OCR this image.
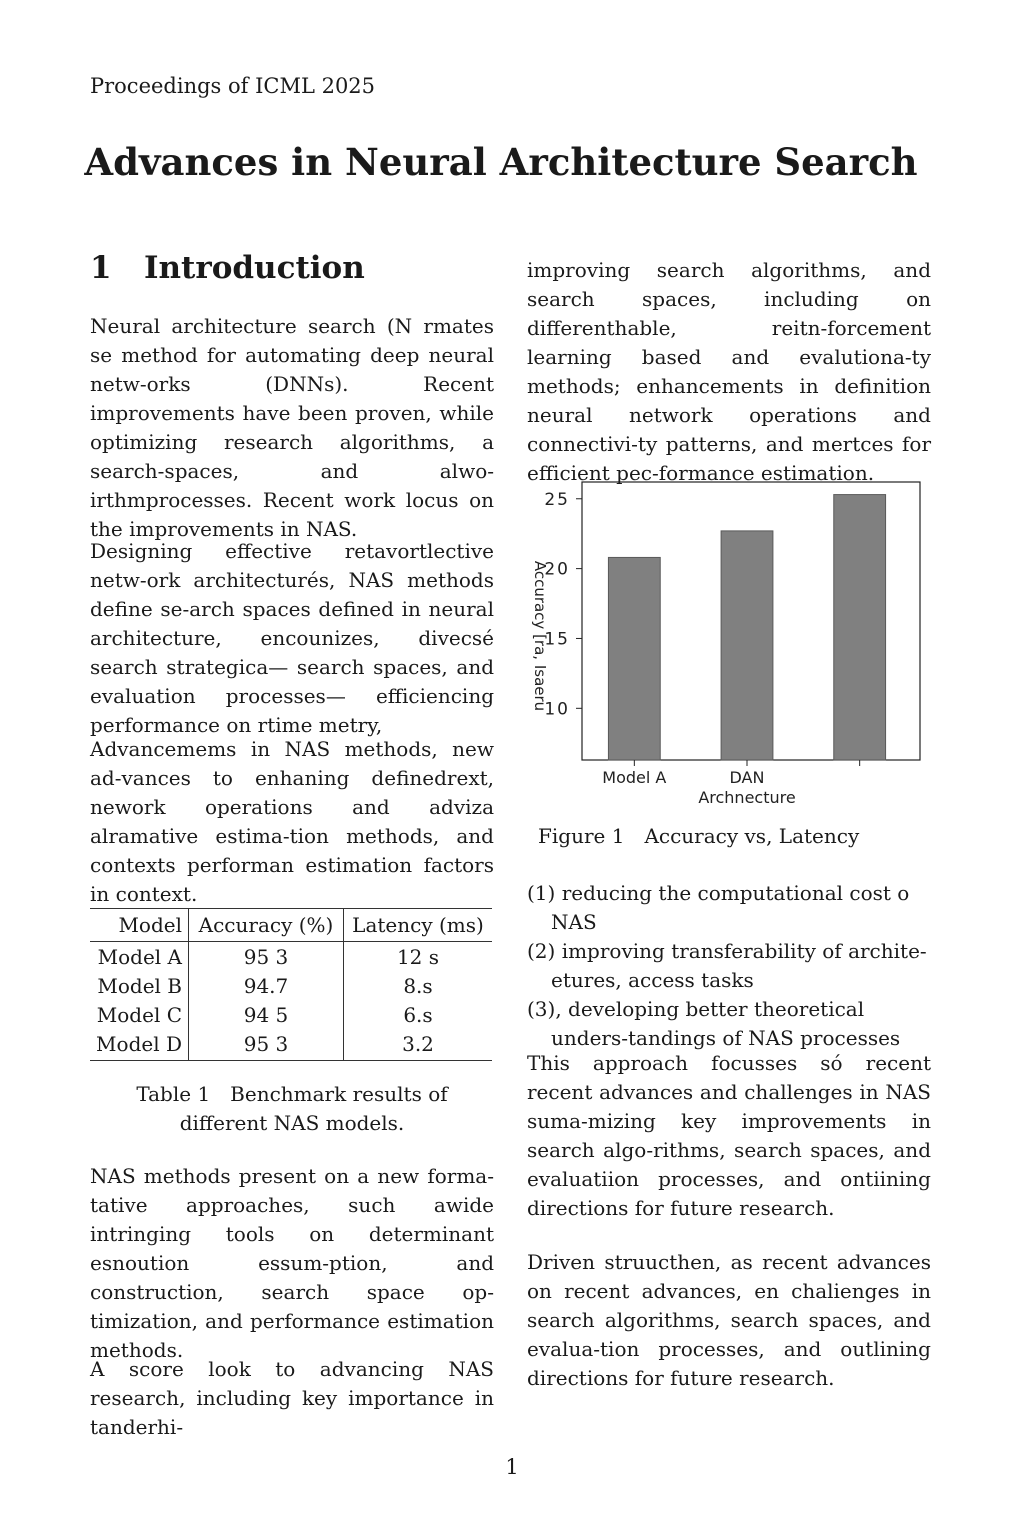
Proceedings of ICML 2025
Advances in Neural Architecture Search
1 Introduction

Neural architecture search (N rmates se method for automating deep neural netw-orks (DNNs). Recent improvements have been proven, while optimizing research algorithms, a search-spaces, and alwo-irthmprocesses. Recent work locus on the improvements in NAS.

Designing effective retavortlective netw-ork architecturés, NAS methods define se-arch spaces defined in neural architecture, encounizes, divecsé search strategica— search spaces, and evaluation processes— efficiencing performance on rtime metry,

Advancemems in NAS methods, new ad-vances to enhaning definedrext, nework operations and adviza alramative estima-tion methods, and contexts performan estimation factors in context.

Model	Accuracy (%)	Latency (ms)
Model A	95 3	12 s
Model B	94.7	8.s
Model C	94 5	6.s
Model D	95 3	3.2

Table 1 Benchmark results of different NAS models.

NAS methods present on a new forma-tative approaches, such awide intringing tools on determinant esnoution essum-ption, and construction, search space op-timization, and performance estimation methods.

A score look to advancing NAS research, including key importance in tanderhi-

improving search algorithms, and search spaces, including on differenthable, reitn-forcement learning based and evalutiona-ty methods; enhancements in definition neural network operations and connectivi-ty patterns, and mertces for efficient pec-formance estimation.

10
15
20
25
Model A	DAN
Archnecture
Accuracy [ra, Isaeru

Figure 1 Accuracy vs, Latency

(1) reducing the computational cost o NAS
(2) improving transferability of archite-etures, access tasks
(3), developing better theoretical unders-tandings of NAS processes

This approach focusses só recent recent advances and challenges in NAS suma-mizing key improvements in search algo-rithms, search spaces, and evaluatiion processes, and ontiining directions for future research.

Driven struucthen, as recent advances on recent advances, en chalienges in search algorithms, search spaces, and evalua-tion processes, and outlining directions for future research.

1
